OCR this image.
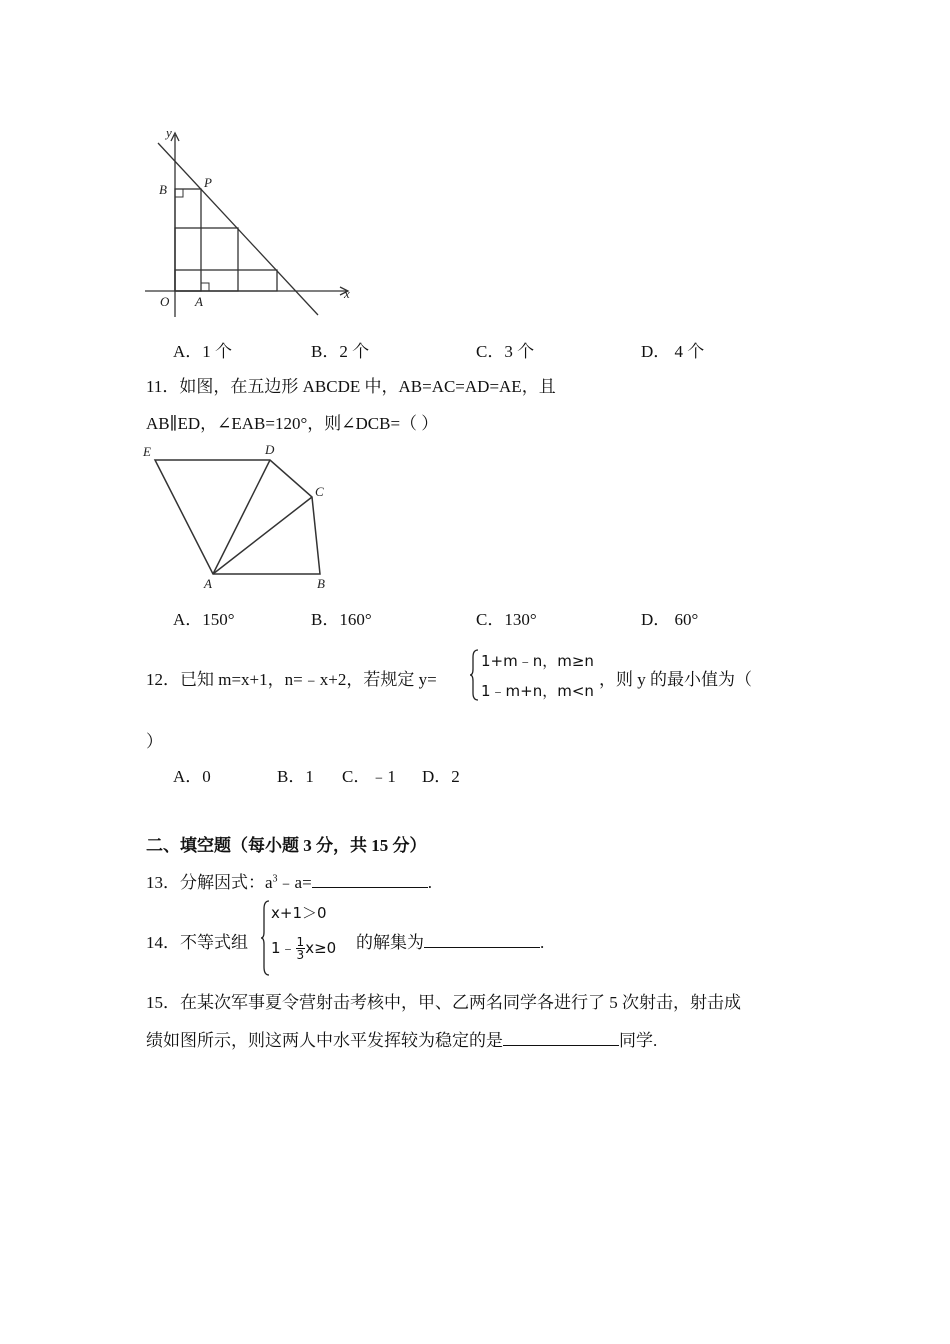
y
x
O A
B	P
A．1 个	B．2 个	C．3 个	D． 4 个
11．如图，在五边形 ABCDE 中，AB=AC=AD=AE，且
AB∥ED，∠EAB=120°，则∠DCB=（ ）
E	D
C
A	B
A．150°	B．160°	C．130°	D． 60°
12．已知 m=x+1，n=﹣x+2，若规定 y=
1+m﹣n，m≥n
1﹣m+n，m<n
，则 y 的最小值为（
）
A．0	B．1 C．﹣1 D．2
二、填空题（每小题 3 分，共 15 分）
13．分解因式：$a^3﹣a=$	.
14．不等式组
x+1＞0
1﹣ $\frac{1}{3} x\ge 0$ 的解集为	.
15．在某次军事夏令营射击考核中，甲、乙两名同学各进行了 5 次射击，射击成
绩如图所示，则这两人中水平发挥较为稳定的是	同学.
